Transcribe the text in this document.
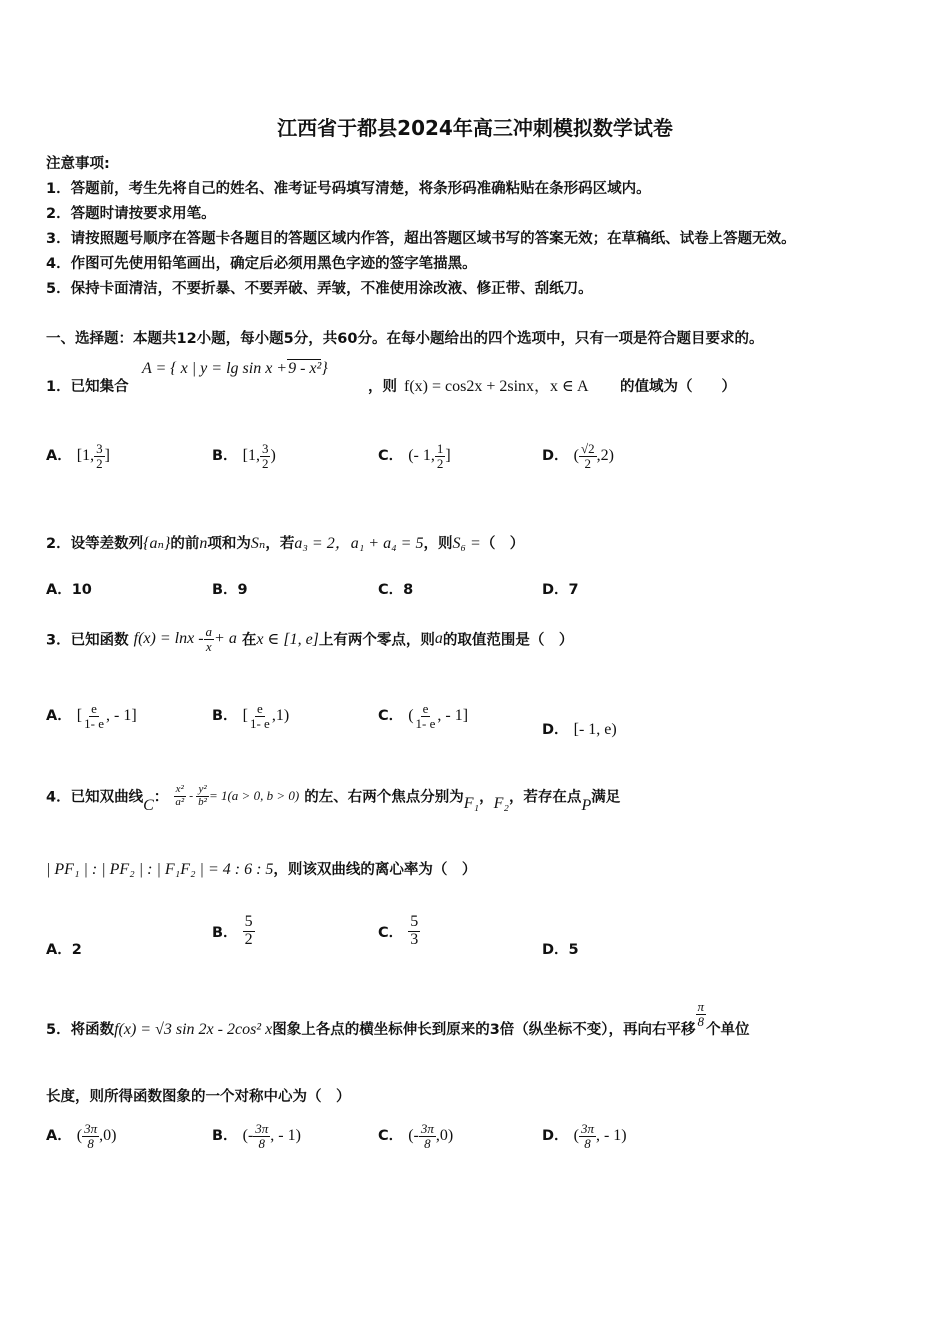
江西省于都县2024年高三冲刺模拟数学试卷
注意事项:
1．答题前，考生先将自己的姓名、准考证号码填写清楚，将条形码准确粘贴在条形码区域内。
2．答题时请按要求用笔。
3．请按照题号顺序在答题卡各题目的答题区域内作答，超出答题区域书写的答案无效；在草稿纸、试卷上答题无效。
4．作图可先使用铅笔画出，确定后必须用黑色字迹的签字笔描黑。
5．保持卡面清洁，不要折暴、不要弄破、弄皱，不准使用涂改液、修正带、刮纸刀。
一、选择题：本题共12小题，每小题5分，共60分。在每小题给出的四个选项中，只有一项是符合题目要求的。
1．已知集合
A = { x | y = lg sin x +9 - x²}
，则 f(x) = cos2x + 2sinx，x ∈ A 的值域为（　　）
A． [1, $\frac{3}{2}$ ]	B． [1, $\frac{3}{2}$ )	C． (- 1, $\frac{1}{2}$ ]	D． ( $\frac{√2}{2} ,2$)
2．设等差数列{aₙ}的前n项和为Sₙ，若a₃ = 2，a₁ + a₄ = 5，则S₆ =（　）
A．10	B．9	C．8	D．7
3．已知函数 $f(x) = \ln x - \frac{a}{x} + a$ 在x ∈ [1, e]上有两个零点，则a的取值范围是（　）
A． [ $\frac{e}{1- e}$ , - 1]	B． [ $\frac{e}{1- e} ,1$)	C． ( $\frac{e}{1- e}$ , - 1]
D． [- 1, e)
4．已知双曲线C： $\frac{\text{x²}}{\text{a²}} - \frac{\text{y²}}{\text{b²}} = 1(a > 0$, b > 0) 的左、右两个焦点分别为F₁，F₂，若存在点P满足
| PF₁ | : | PF₂ | : | F₁F₂ | = 4 : 6 : 5，则该双曲线的离心率为（　）
A．2
B． $\frac{5}{2}$	C． $\frac{5}{3}$
D．5
5．将函数f(x) = √3 sin 2x - 2cos² x图象上各点的横坐标伸长到原来的3倍（纵坐标不变），再向右平移
$\frac{\pi}{8}$
个单位
长度，则所得函数图象的一个对称中心为（　）
A． ( $\frac{3\pi}{8} ,0$)	B． (- $\frac{3\pi}{8}$ , - 1)	C． (- $\frac{3\pi}{8} ,0$)	D． ( $\frac{3\pi}{8}$ , - 1)
